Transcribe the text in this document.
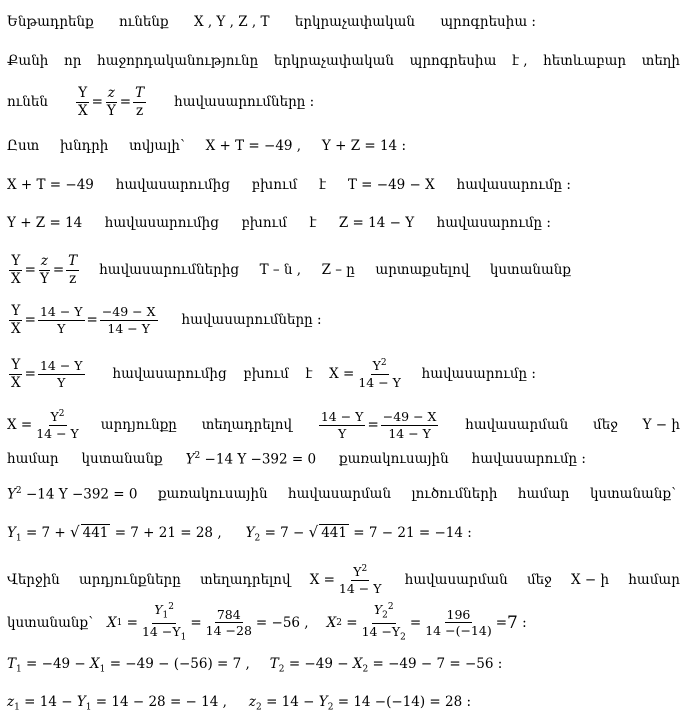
Ենթադրենք ունենք X , Y , Z , T երկրաչափական պրոգրեսիա :
Քանի որ հաջորդականությունը երկրաչափական պրոգրեսիա է , հետևաբար տեղի
ունեն $\frac{Y}{X} = \frac{z}{Y} = \frac{T}{z}$ հավասարումները :
Ըստ խնդրի տվյալի՝ X + T = −49 , Y + Z = 14 :
X + T = −49 հավասարումից բխում է T = −49 − X հավասարումը :
Y + Z = 14 հավասարումից բխում է Z = 14 − Y հավասարումը :
$\frac{Y}{X} = \frac{z}{Y} = \frac{T}{z}$ հավասարումներից T – ն , Z – ը արտաքսելով կստանանք
$\frac{Y}{X} = \frac{14 - Y}{Y} = \frac{-49 - X}{14 - Y}$ հավասարումները :
$\frac{Y}{X} = \frac{14 - Y}{Y}$ հավասարումից բխում է $X = \frac{Y^2}{14 - Y}$ հավասարումը :
$X = \frac{Y^2}{14 - Y}$ արդյունքը տեղադրելով $\frac{14 - Y}{Y} = \frac{-49 - X}{14 - Y}$ հավասարման մեջ Y − ի
համար կստանանք $Y^2 -14$ Y −392 = 0 քառակուսային հավասարումը :
$Y^2 -14$ Y −392 = 0 քառակուսային հավասարման լուծումների համար կստանանք՝
$Y_1 = 7$ + √ 441 = 7 + 21 = 28 , $Y_2 = 7$ − √ 441 = 7 − 21 = −14 :
Վերջին արդյունքները տեղադրելով $X = \frac{Y^2}{14 - Y}$ հավասարման մեջ X − ի համար
կստանանք՝ X $1 = \frac{Y_1^2}{14 -Y_1} = \frac{784}{14 -28} = -56$ , X $2 = \frac{Y_2^2}{14 -Y_2} = \frac{196}{14 -(-14)} = 7$
:
$T_1 = -49 - X_1 = -49 - (-56) = 7$ , $T_2 = -49 - X_2 = -49 - 7 = -56$ :
$z_1 = 14 - Y_1 = 14 - 28$ = − 14 , $z_2 = 14 - Y_2 = 14 -(-14) = 28$ :
